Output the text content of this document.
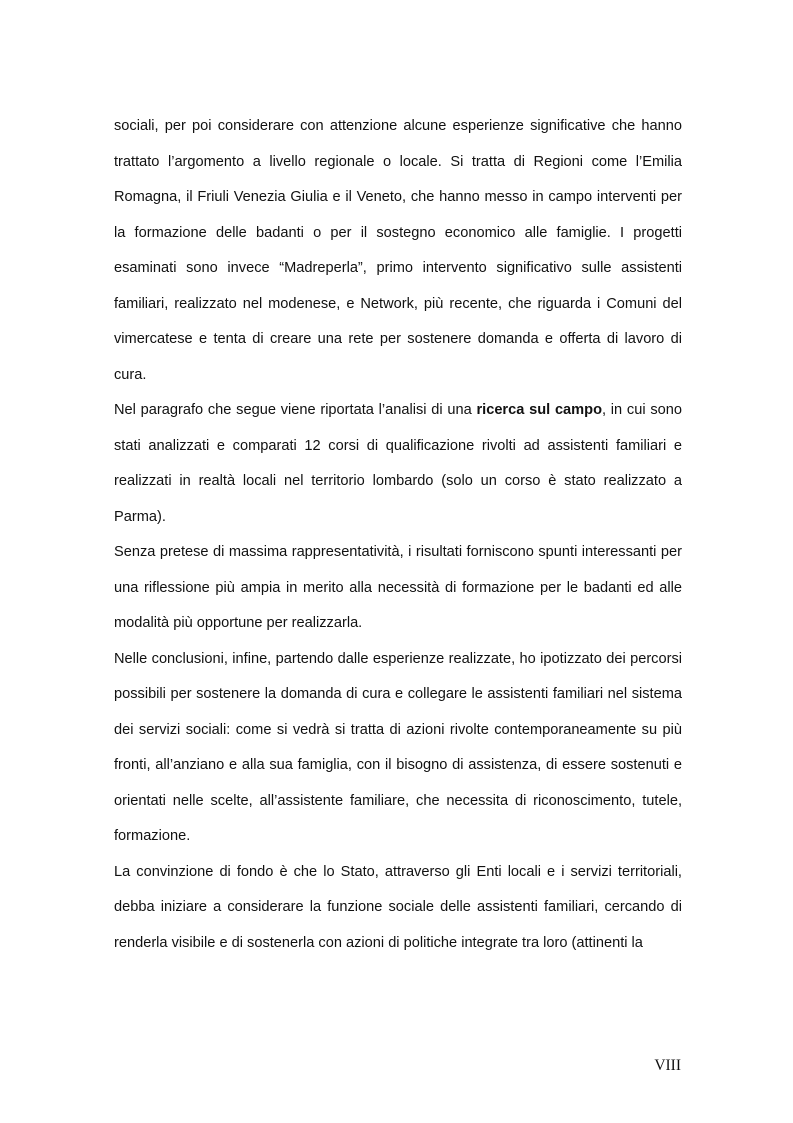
sociali, per poi considerare con attenzione alcune esperienze significative che hanno trattato l’argomento a livello regionale o locale. Si tratta di Regioni come l’Emilia Romagna, il Friuli Venezia Giulia e il Veneto, che hanno messo in campo interventi per la formazione delle badanti o per il sostegno economico alle famiglie. I progetti esaminati sono invece “Madreperla”, primo intervento significativo sulle assistenti familiari, realizzato nel modenese, e Network, più recente, che riguarda i Comuni del vimercatese e tenta di creare una rete per sostenere domanda e offerta di lavoro di cura.

Nel paragrafo che segue viene riportata l’analisi di una ricerca sul campo, in cui sono stati analizzati e comparati 12 corsi di qualificazione rivolti ad assistenti familiari e realizzati in realtà locali nel territorio lombardo (solo un corso è stato realizzato a Parma).

Senza pretese di massima rappresentatività, i risultati forniscono spunti interessanti per una riflessione più ampia in merito alla necessità di formazione per le badanti ed alle modalità più opportune per realizzarla.

Nelle conclusioni, infine, partendo dalle esperienze realizzate, ho ipotizzato dei percorsi possibili per sostenere la domanda di cura e collegare le assistenti familiari nel sistema dei servizi sociali: come si vedrà si tratta di azioni rivolte contemporaneamente su più fronti, all’anziano e alla sua famiglia, con il bisogno di assistenza, di essere sostenuti e orientati nelle scelte, all’assistente familiare, che necessita di riconoscimento, tutele, formazione.

La convinzione di fondo è che lo Stato, attraverso gli Enti locali e i servizi territoriali, debba iniziare a considerare la funzione sociale delle assistenti familiari, cercando di renderla visibile e di sostenerla con azioni di politiche integrate tra loro (attinenti la

VIII
